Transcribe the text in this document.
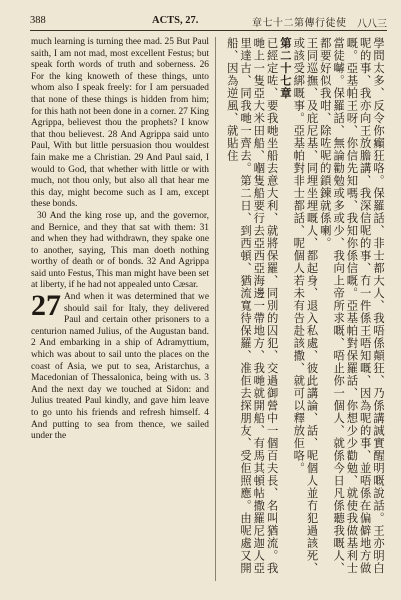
388	ACTS, 27.	章七十二第傳行徒使 八八三

much learning is turning thee mad. 25 But Paul saith, I am not mad, most excellent Festus; but speak forth words of truth and soberness. 26 For the king knoweth of these things, unto whom also I speak freely: for I am persuaded that none of these things is hidden from him; for this hath not been done in a corner. 27 King Agrippa, believest thou the prophets? I know that thou believest. 28 And Agrippa said unto Paul, With but little persuasion thou wouldest fain make me a Christian. 29 And Paul said, I would to God, that whether with little or with much, not thou only, but also all that hear me this day, might become such as I am, except these bonds.

30 And the king rose up, and the governor, and Bernice, and they that sat with them: 31 and when they had withdrawn, they spake one to another, saying, This man doeth nothing worthy of death or of bonds. 32 And Agrippa said unto Festus, This man might have been set at liberty, if he had not appealed unto Cæsar.

27 And when it was determined that we should sail for Italy, they delivered Paul and certain other prisoners to a centurion named Julius, of the Augustan band. 2 And embarking in a ship of Adramyttium, which was about to sail unto the places on the coast of Asia, we put to sea, Aristarchus, a Macedonian of Thessalonica, being with us. 3 And the next day we touched at Sidon: and Julius treated Paul kindly, and gave him leave to go unto his friends and refresh himself. 4 And putting to sea from thence, we sailed under the	學問太多、反令你癲狂咯。保羅話、非士都大人、我唔係顛狂、乃係講誠實醒明嘅說話。王亦明白呢的事、我亦向王放膽講、我深信呢的事、冇一件係王唔知嘅、因為呢的事、並唔係在偏僻地方做嘅。亞基帕王呀、你信先知嗎、我知你係信嘅。亞基帕對保羅話、你想少少勸勉、就使我做基利士當徒嚹。保羅話、無論勸勉或多或少、我向上帝所求嘅、唔止你一個人、就係今日凡係聽我嘅人、都要好似我咁、除咗呢的鎖鍊就係喇。

王同巡撫、及庇尼基、同埋坐埋嘅人、都起身、退入私處、彼此講論、話、呢個人並冇犯過該死、或該受綁嘅事。亞基帕對非士都話、呢個人若未有告赴該撒、就可以釋放佢咯。

第二十七章

已經定咗、要我哋坐船去意大利、就將保羅、同別的囚犯、交過御營中一個百夫長、名叫猶流。我哋上一隻亞大米田船、嗰隻船要行去亞西亞海邊一帶地方、我哋就開船、有馬其頓帖撒羅尼迦人亞里達古、同我哋一齊去。第二日、到西頓、猶流寬待保羅、准佢去探朋友、受佢照應。由呢處又開船、因為逆風、就貼住
